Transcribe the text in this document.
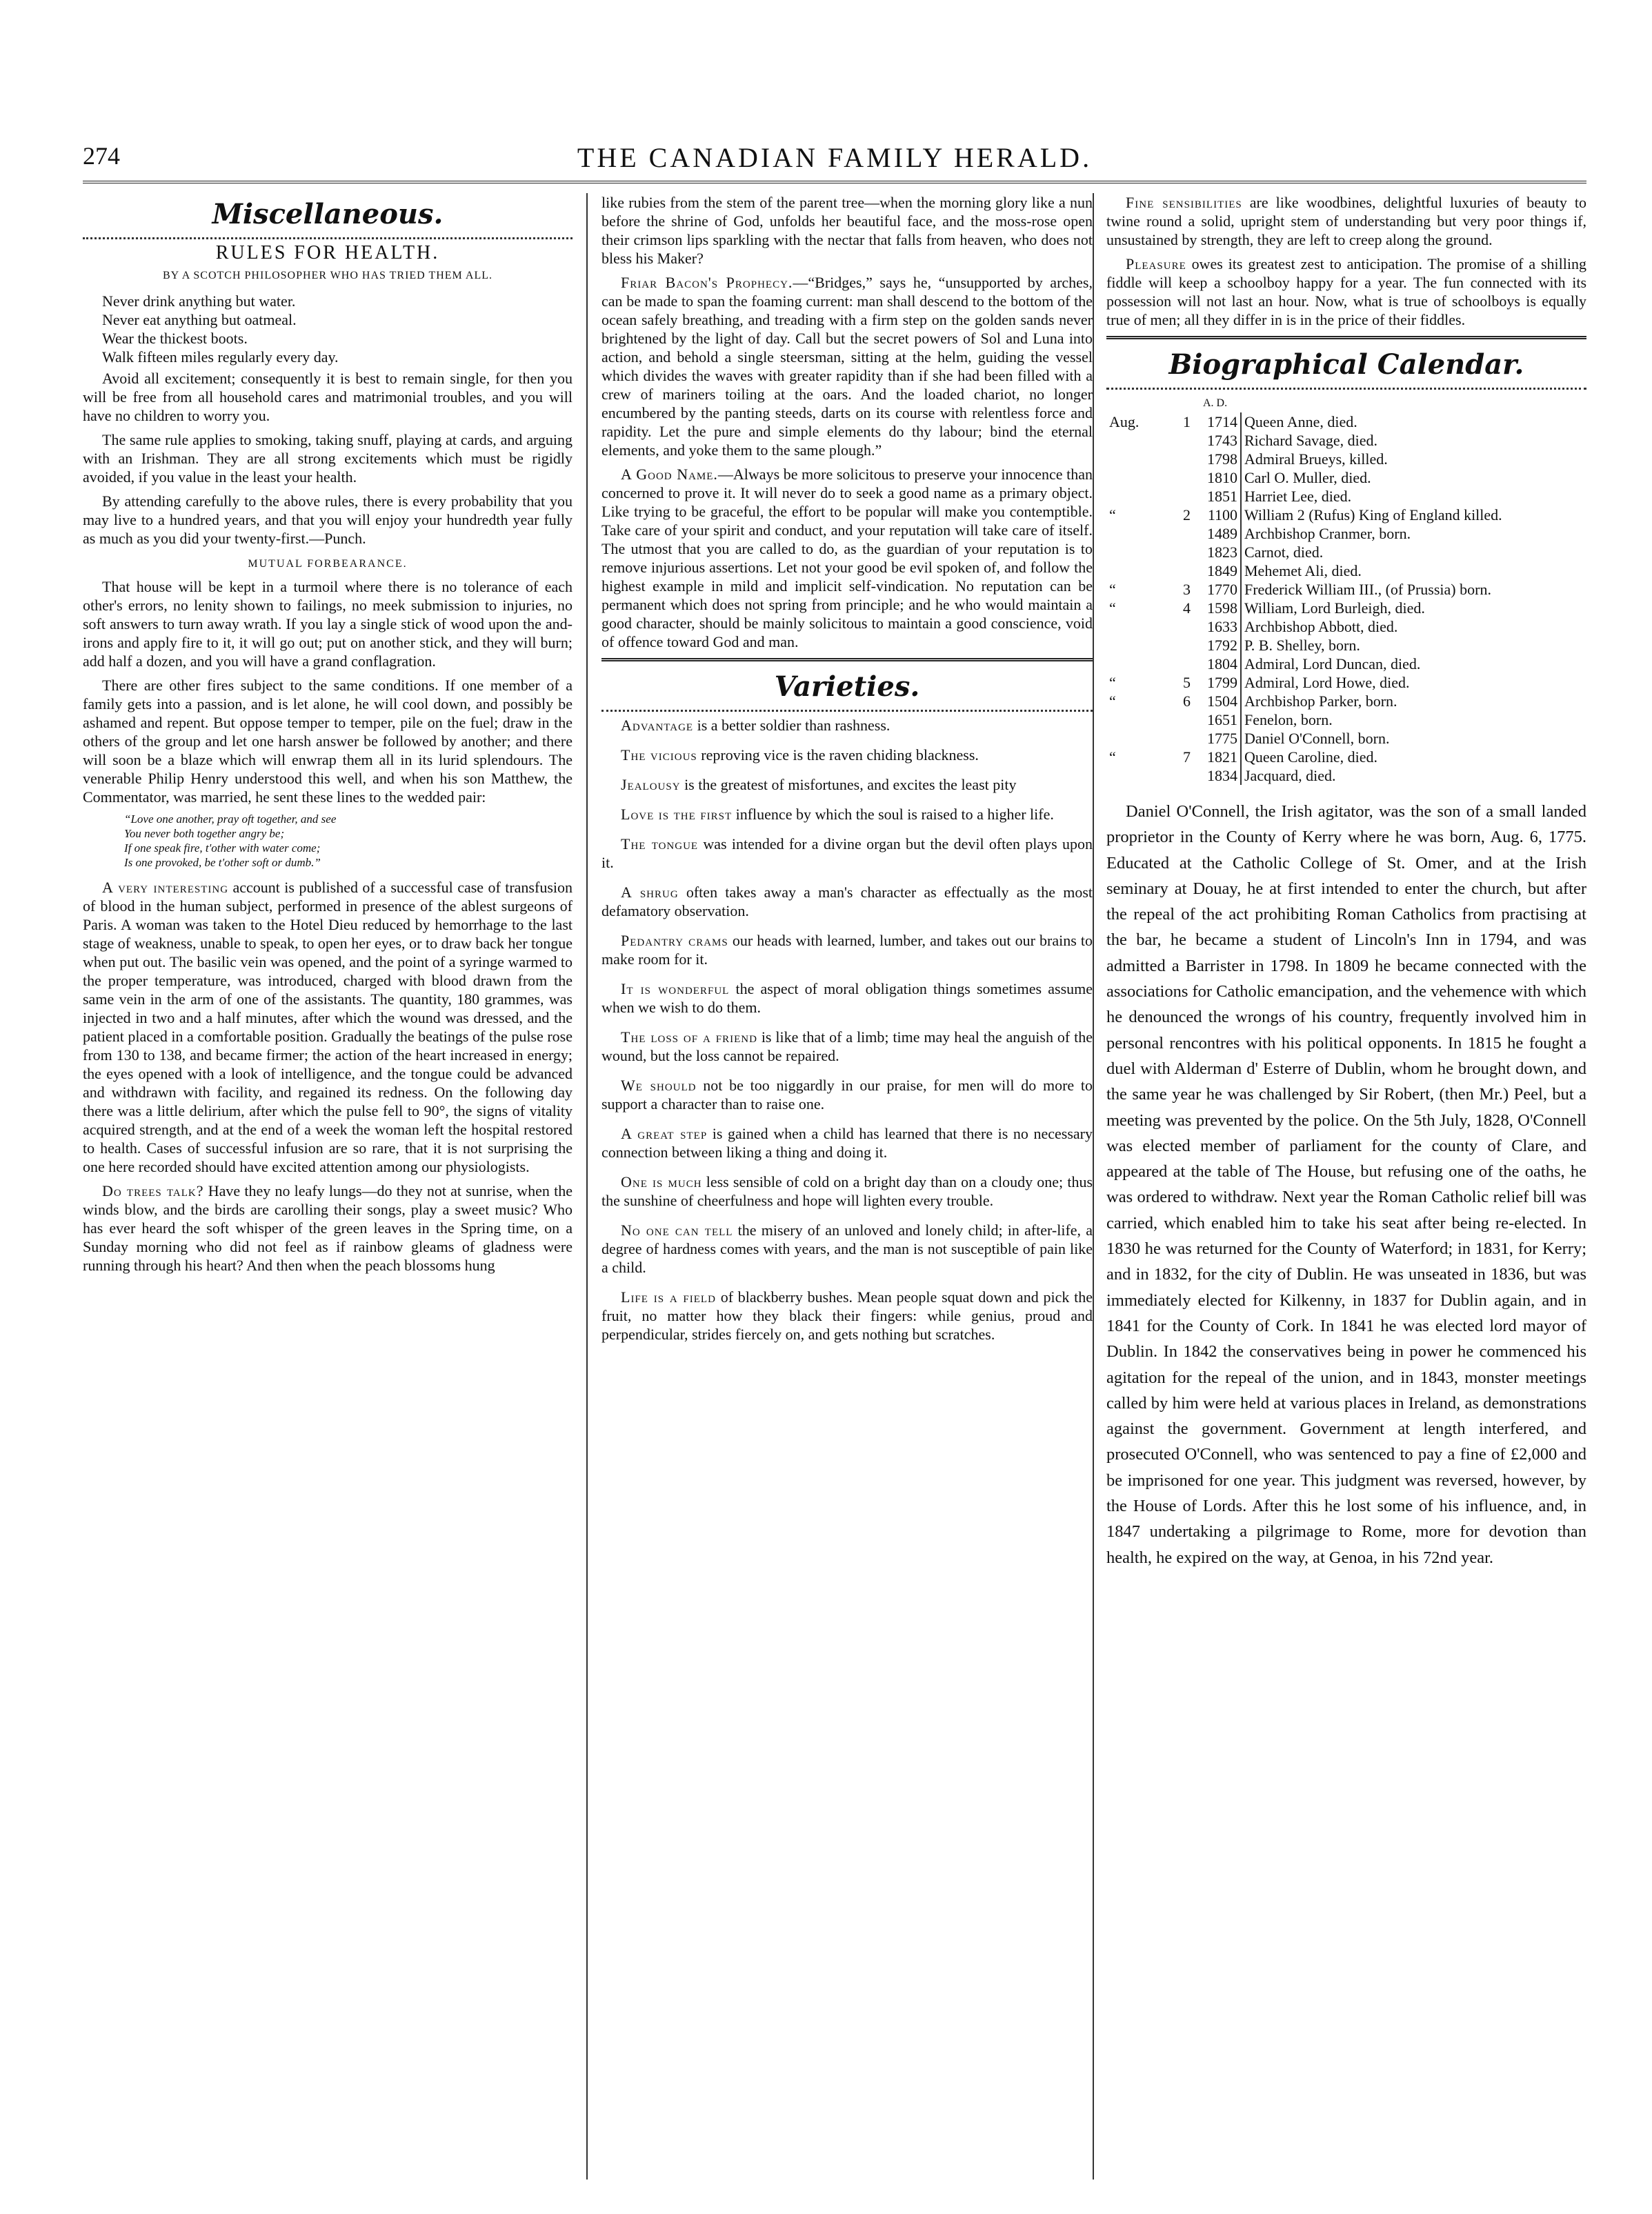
274	THE CANADIAN FAMILY HERALD.
Miscellaneous.
RULES FOR HEALTH.
BY A SCOTCH PHILOSOPHER WHO HAS TRIED THEM ALL.
Never drink anything but water.
Never eat anything but oatmeal.
Wear the thickest boots.
Walk fifteen miles regularly every day.

Avoid all excitement; consequently it is best to remain single, for then you will be free from all household cares and matrimonial troubles, and you will have no children to worry you.

The same rule applies to smoking, taking snuff, playing at cards, and arguing with an Irishman. They are all strong excitements which must be rigidly avoided, if you value in the least your health.

By attending carefully to the above rules, there is every probability that you may live to a hundred years, and that you will enjoy your hundredth year fully as much as you did your twenty-first.—Punch.

MUTUAL FORBEARANCE.

That house will be kept in a turmoil where there is no tolerance of each other's errors, no lenity shown to failings, no meek submission to injuries, no soft answers to turn away wrath. If you lay a single stick of wood upon the and-irons and apply fire to it, it will go out; put on another stick, and they will burn; add half a dozen, and you will have a grand conflagration.

There are other fires subject to the same conditions. If one member of a family gets into a passion, and is let alone, he will cool down, and possibly be ashamed and repent. But oppose temper to temper, pile on the fuel; draw in the others of the group and let one harsh answer be followed by another; and there will soon be a blaze which will enwrap them all in its lurid splendours. The venerable Philip Henry understood this well, and when his son Matthew, the Commentator, was married, he sent these lines to the wedded pair:

“Love one another, pray oft together, and see
You never both together angry be;
If one speak fire, t'other with water come;
Is one provoked, be t'other soft or dumb.”

A very interesting account is published of a successful case of transfusion of blood in the human subject, performed in presence of the ablest surgeons of Paris. A woman was taken to the Hotel Dieu reduced by hemorrhage to the last stage of weakness, unable to speak, to open her eyes, or to draw back her tongue when put out. The basilic vein was opened, and the point of a syringe warmed to the proper temperature, was introduced, charged with blood drawn from the same vein in the arm of one of the assistants. The quantity, 180 grammes, was injected in two and a half minutes, after which the wound was dressed, and the patient placed in a comfortable position. Gradually the beatings of the pulse rose from 130 to 138, and became firmer; the action of the heart increased in energy; the eyes opened with a look of intelligence, and the tongue could be advanced and withdrawn with facility, and regained its redness. On the following day there was a little delirium, after which the pulse fell to 90°, the signs of vitality acquired strength, and at the end of a week the woman left the hospital restored to health. Cases of successful infusion are so rare, that it is not surprising the one here recorded should have excited attention among our physiologists.

Do trees talk? Have they no leafy lungs—do they not at sunrise, when the winds blow, and the birds are carolling their songs, play a sweet music? Who has ever heard the soft whisper of the green leaves in the Spring time, on a Sunday morning who did not feel as if rainbow gleams of gladness were running through his heart? And then when the peach blossoms hung

like rubies from the stem of the parent tree—when the morning glory like a nun before the shrine of God, unfolds her beautiful face, and the moss-rose open their crimson lips sparkling with the nectar that falls from heaven, who does not bless his Maker?

Friar Bacon's Prophecy.—“Bridges,” says he, “unsupported by arches, can be made to span the foaming current: man shall descend to the bottom of the ocean safely breathing, and treading with a firm step on the golden sands never brightened by the light of day. Call but the secret powers of Sol and Luna into action, and behold a single steersman, sitting at the helm, guiding the vessel which divides the waves with greater rapidity than if she had been filled with a crew of mariners toiling at the oars. And the loaded chariot, no longer encumbered by the panting steeds, darts on its course with relentless force and rapidity. Let the pure and simple elements do thy labour; bind the eternal elements, and yoke them to the same plough.”

A Good Name.—Always be more solicitous to preserve your innocence than concerned to prove it. It will never do to seek a good name as a primary object. Like trying to be graceful, the effort to be popular will make you contemptible. Take care of your spirit and conduct, and your reputation will take care of itself. The utmost that you are called to do, as the guardian of your reputation is to remove injurious assertions. Let not your good be evil spoken of, and follow the highest example in mild and implicit self-vindication. No reputation can be permanent which does not spring from principle; and he who would maintain a good character, should be mainly solicitous to maintain a good conscience, void of offence toward God and man.

Varieties.

Advantage is a better soldier than rashness.

The vicious reproving vice is the raven chiding blackness.

Jealousy is the greatest of misfortunes, and excites the least pity

Love is the first influence by which the soul is raised to a higher life.

The tongue was intended for a divine organ but the devil often plays upon it.

A shrug often takes away a man's character as effectually as the most defamatory observation.

Pedantry crams our heads with learned, lumber, and takes out our brains to make room for it.

It is wonderful the aspect of moral obligation things sometimes assume when we wish to do them.

The loss of a friend is like that of a limb; time may heal the anguish of the wound, but the loss cannot be repaired.

We should not be too niggardly in our praise, for men will do more to support a character than to raise one.

A great step is gained when a child has learned that there is no necessary connection between liking a thing and doing it.

One is much less sensible of cold on a bright day than on a cloudy one; thus the sunshine of cheerfulness and hope will lighten every trouble.

No one can tell the misery of an unloved and lonely child; in after-life, a degree of hardness comes with years, and the man is not susceptible of pain like a child.

Life is a field of blackberry bushes. Mean people squat down and pick the fruit, no matter how they black their fingers: while genius, proud and perpendicular, strides fiercely on, and gets nothing but scratches.

Fine sensibilities are like woodbines, delightful luxuries of beauty to twine round a solid, upright stem of understanding but very poor things if, unsustained by strength, they are left to creep along the ground.

Pleasure owes its greatest zest to anticipation. The promise of a shilling fiddle will keep a schoolboy happy for a year. The fun connected with its possession will not last an hour. Now, what is true of schoolboys is equally true of men; all they differ in is in the price of their fiddles.

Biographical Calendar.
A. D.
Aug.	1	1714	Queen Anne, died.
		1743	Richard Savage, died.
		1798	Admiral Brueys, killed.
		1810	Carl O. Muller, died.
		1851	Harriet Lee, died.
“	2	1100	William 2 (Rufus) King of England killed.
		1489	Archbishop Cranmer, born.
		1823	Carnot, died.
		1849	Mehemet Ali, died.
“	3	1770	Frederick William III., (of Prussia) born.
“	4	1598	William, Lord Burleigh, died.
		1633	Archbishop Abbott, died.
		1792	P. B. Shelley, born.
		1804	Admiral, Lord Duncan, died.
“	5	1799	Admiral, Lord Howe, died.
“	6	1504	Archbishop Parker, born.
		1651	Fenelon, born.
		1775	Daniel O'Connell, born.
“	7	1821	Queen Caroline, died.
		1834	Jacquard, died.

Daniel O'Connell, the Irish agitator, was the son of a small landed proprietor in the County of Kerry where he was born, Aug. 6, 1775. Educated at the Catholic College of St. Omer, and at the Irish seminary at Douay, he at first intended to enter the church, but after the repeal of the act prohibiting Roman Catholics from practising at the bar, he became a student of Lincoln's Inn in 1794, and was admitted a Barrister in 1798. In 1809 he became connected with the associations for Catholic emancipation, and the vehemence with which he denounced the wrongs of his country, frequently involved him in personal rencontres with his political opponents. In 1815 he fought a duel with Alderman d' Esterre of Dublin, whom he brought down, and the same year he was challenged by Sir Robert, (then Mr.) Peel, but a meeting was prevented by the police. On the 5th July, 1828, O'Connell was elected member of parliament for the county of Clare, and appeared at the table of The House, but refusing one of the oaths, he was ordered to withdraw. Next year the Roman Catholic relief bill was carried, which enabled him to take his seat after being re-elected. In 1830 he was returned for the County of Waterford; in 1831, for Kerry; and in 1832, for the city of Dublin. He was unseated in 1836, but was immediately elected for Kilkenny, in 1837 for Dublin again, and in 1841 for the County of Cork. In 1841 he was elected lord mayor of Dublin. In 1842 the conservatives being in power he commenced his agitation for the repeal of the union, and in 1843, monster meetings called by him were held at various places in Ireland, as demonstrations against the government. Government at length interfered, and prosecuted O'Connell, who was sentenced to pay a fine of £2,000 and be imprisoned for one year. This judgment was reversed, however, by the House of Lords. After this he lost some of his influence, and, in 1847 undertaking a pilgrimage to Rome, more for devotion than health, he expired on the way, at Genoa, in his 72nd year.
